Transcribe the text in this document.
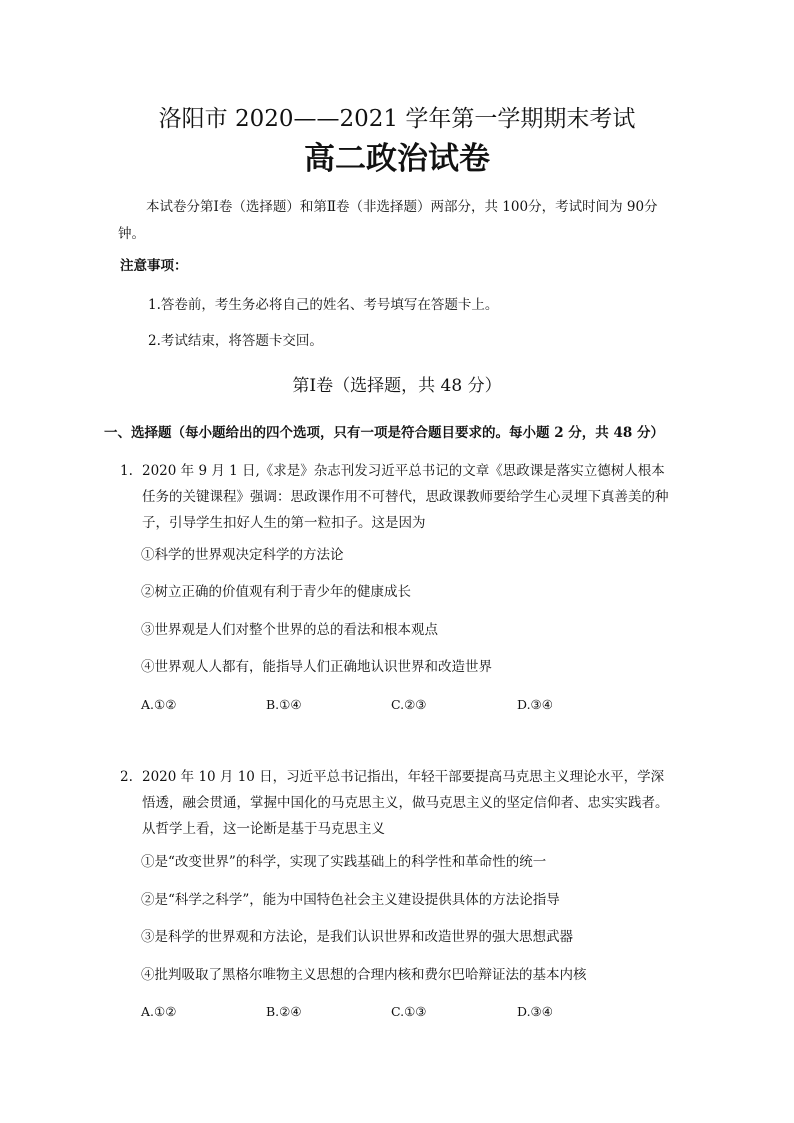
洛阳市 2020——2021 学年第一学期期末考试
高二政治试卷
本试卷分第Ⅰ卷（选择题）和第Ⅱ卷（非选择题）两部分，共 100分，考试时间为 90分钟。
注意事项：
1.答卷前，考生务必将自己的姓名、考号填写在答题卡上。
2.考试结束，将答题卡交回。
第Ⅰ卷（选择题，共 48 分）
一、选择题（每小题给出的四个选项，只有一项是符合题目要求的。每小题 2 分，共 48 分）
1. 2020 年 9 月 1 日,《求是》杂志刊发习近平总书记的文章《思政课是落实立德树人根本任务的关键课程》强调：思政课作用不可替代，思政课教师要给学生心灵埋下真善美的种子，引导学生扣好人生的第一粒扣子。这是因为
①科学的世界观决定科学的方法论
②树立正确的价值观有利于青少年的健康成长
③世界观是人们对整个世界的总的看法和根本观点
④世界观人人都有，能指导人们正确地认识世界和改造世界
A.①②	B.①④	C.②③	D.③④
2. 2020 年 10 月 10 日，习近平总书记指出，年轻干部要提高马克思主义理论水平，学深悟透，融会贯通，掌握中国化的马克思主义，做马克思主义的坚定信仰者、忠实实践者。从哲学上看，这一论断是基于马克思主义
①是“改变世界”的科学，实现了实践基础上的科学性和革命性的统一
②是“科学之科学”，能为中国特色社会主义建设提供具体的方法论指导
③是科学的世界观和方法论，是我们认识世界和改造世界的强大思想武器
④批判吸取了黑格尔唯物主义思想的合理内核和费尔巴哈辩证法的基本内核
A.①②	B.②④	C.①③	D.③④
